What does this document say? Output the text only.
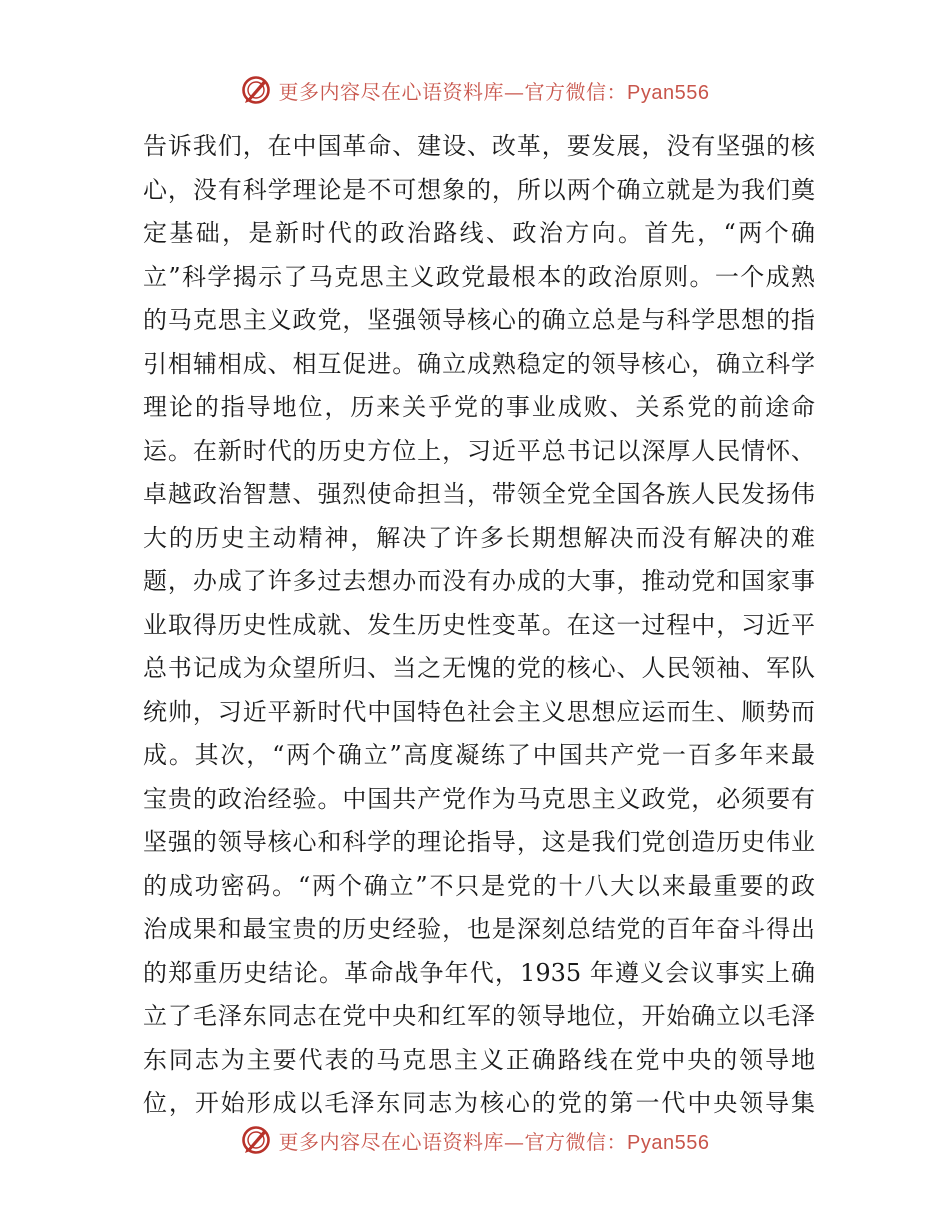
更多内容尽在心语资料库—官方微信：Pyan556
告诉我们，在中国革命、建设、改革，要发展，没有坚强的核
心，没有科学理论是不可想象的，所以两个确立就是为我们奠
定基础，是新时代的政治路线、政治方向。首先，“两个确
立”科学揭示了马克思主义政党最根本的政治原则。一个成熟
的马克思主义政党，坚强领导核心的确立总是与科学思想的指
引相辅相成、相互促进。确立成熟稳定的领导核心，确立科学
理论的指导地位，历来关乎党的事业成败、关系党的前途命
运。在新时代的历史方位上，习近平总书记以深厚人民情怀、
卓越政治智慧、强烈使命担当，带领全党全国各族人民发扬伟
大的历史主动精神，解决了许多长期想解决而没有解决的难
题，办成了许多过去想办而没有办成的大事，推动党和国家事
业取得历史性成就、发生历史性变革。在这一过程中，习近平
总书记成为众望所归、当之无愧的党的核心、人民领袖、军队
统帅，习近平新时代中国特色社会主义思想应运而生、顺势而
成。其次，“两个确立”高度凝练了中国共产党一百多年来最
宝贵的政治经验。中国共产党作为马克思主义政党，必须要有
坚强的领导核心和科学的理论指导，这是我们党创造历史伟业
的成功密码。“两个确立”不只是党的十八大以来最重要的政
治成果和最宝贵的历史经验，也是深刻总结党的百年奋斗得出
的郑重历史结论。革命战争年代，1935 年遵义会议事实上确
立了毛泽东同志在党中央和红军的领导地位，开始确立以毛泽
东同志为主要代表的马克思主义正确路线在党中央的领导地
位，开始形成以毛泽东同志为核心的党的第一代中央领导集
更多内容尽在心语资料库—官方微信：Pyan556
